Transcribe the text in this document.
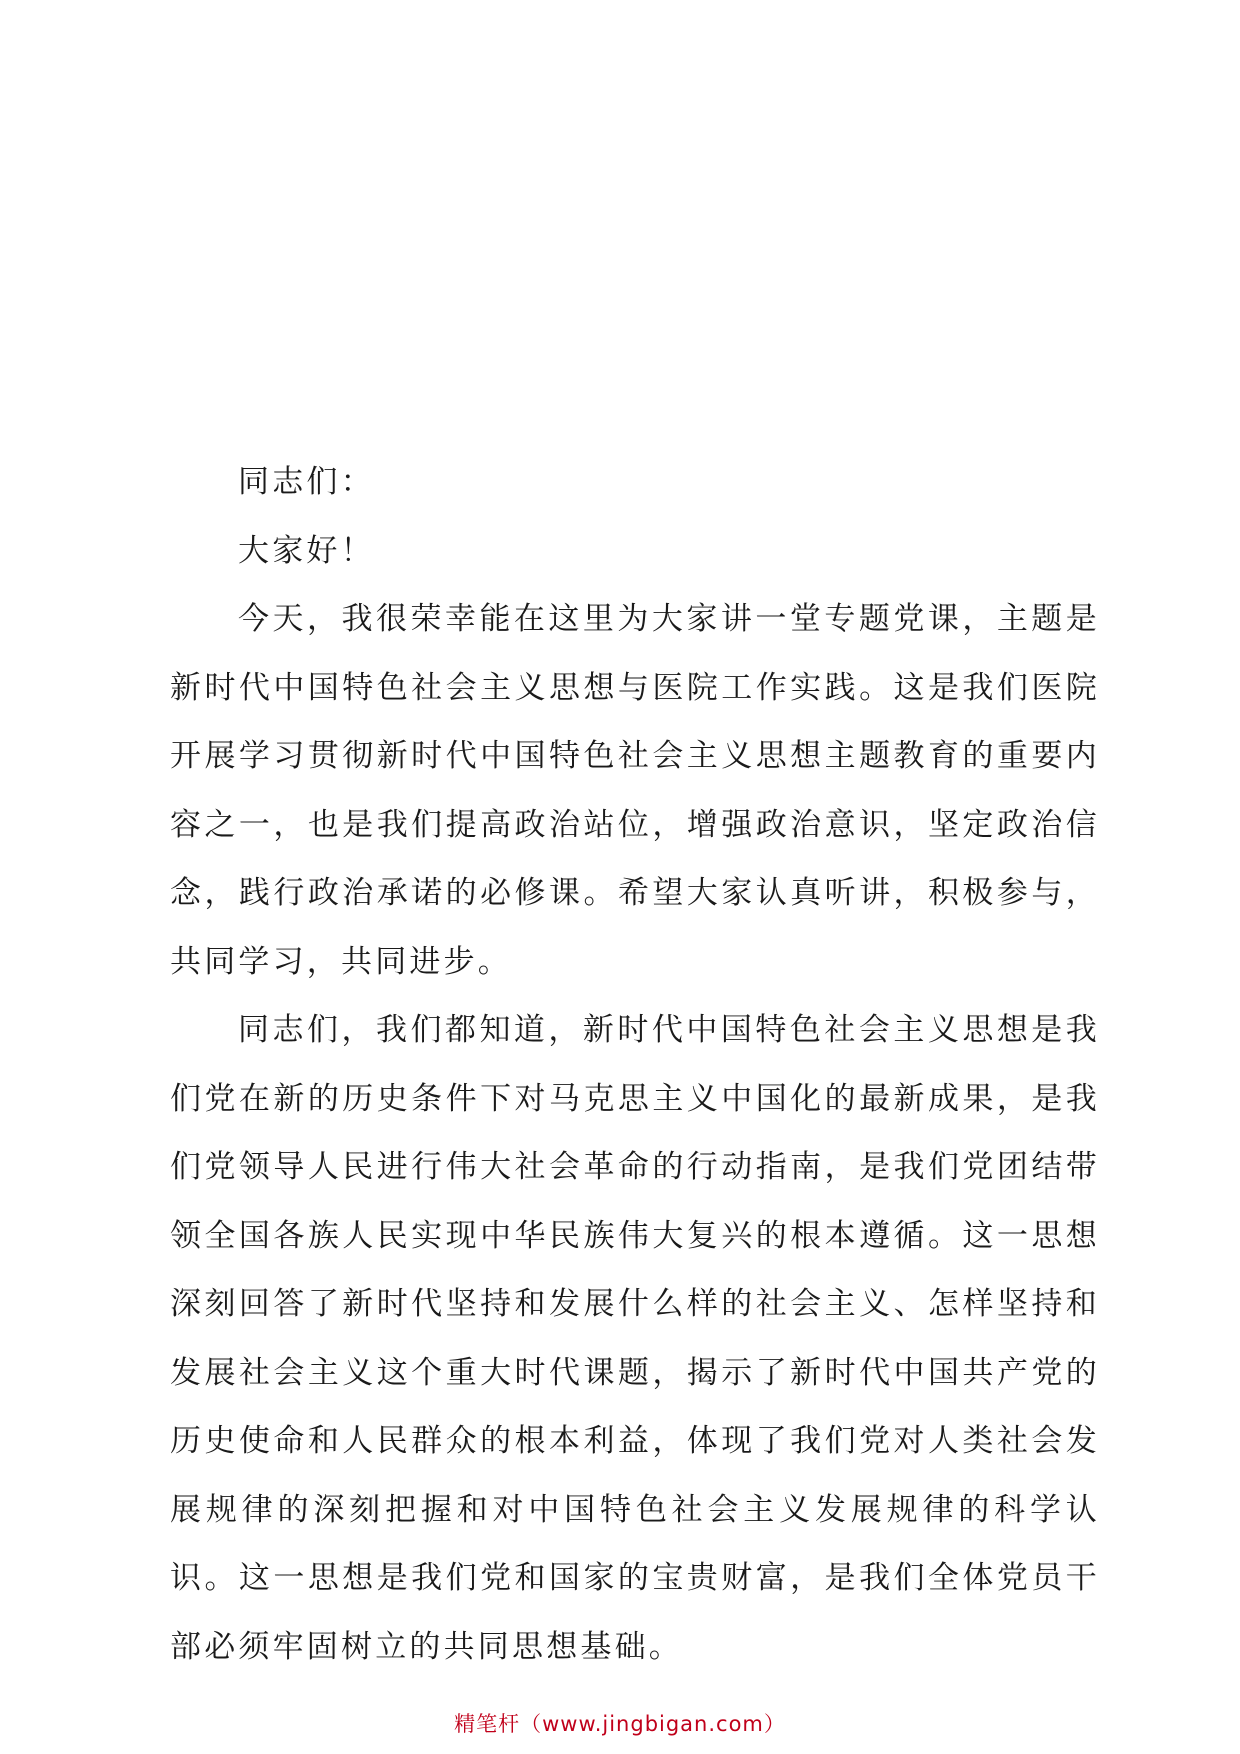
同志们：

大家好！

今天，我很荣幸能在这里为大家讲一堂专题党课，主题是新时代中国特色社会主义思想与医院工作实践。这是我们医院开展学习贯彻新时代中国特色社会主义思想主题教育的重要内容之一，也是我们提高政治站位，增强政治意识，坚定政治信念，践行政治承诺的必修课。希望大家认真听讲，积极参与，共同学习，共同进步。

同志们，我们都知道，新时代中国特色社会主义思想是我们党在新的历史条件下对马克思主义中国化的最新成果，是我们党领导人民进行伟大社会革命的行动指南，是我们党团结带领全国各族人民实现中华民族伟大复兴的根本遵循。这一思想深刻回答了新时代坚持和发展什么样的社会主义、怎样坚持和发展社会主义这个重大时代课题，揭示了新时代中国共产党的历史使命和人民群众的根本利益，体现了我们党对人类社会发展规律的深刻把握和对中国特色社会主义发展规律的科学认识。这一思想是我们党和国家的宝贵财富，是我们全体党员干部必须牢固树立的共同思想基础。

精笔杆（www.jingbigan.com）
